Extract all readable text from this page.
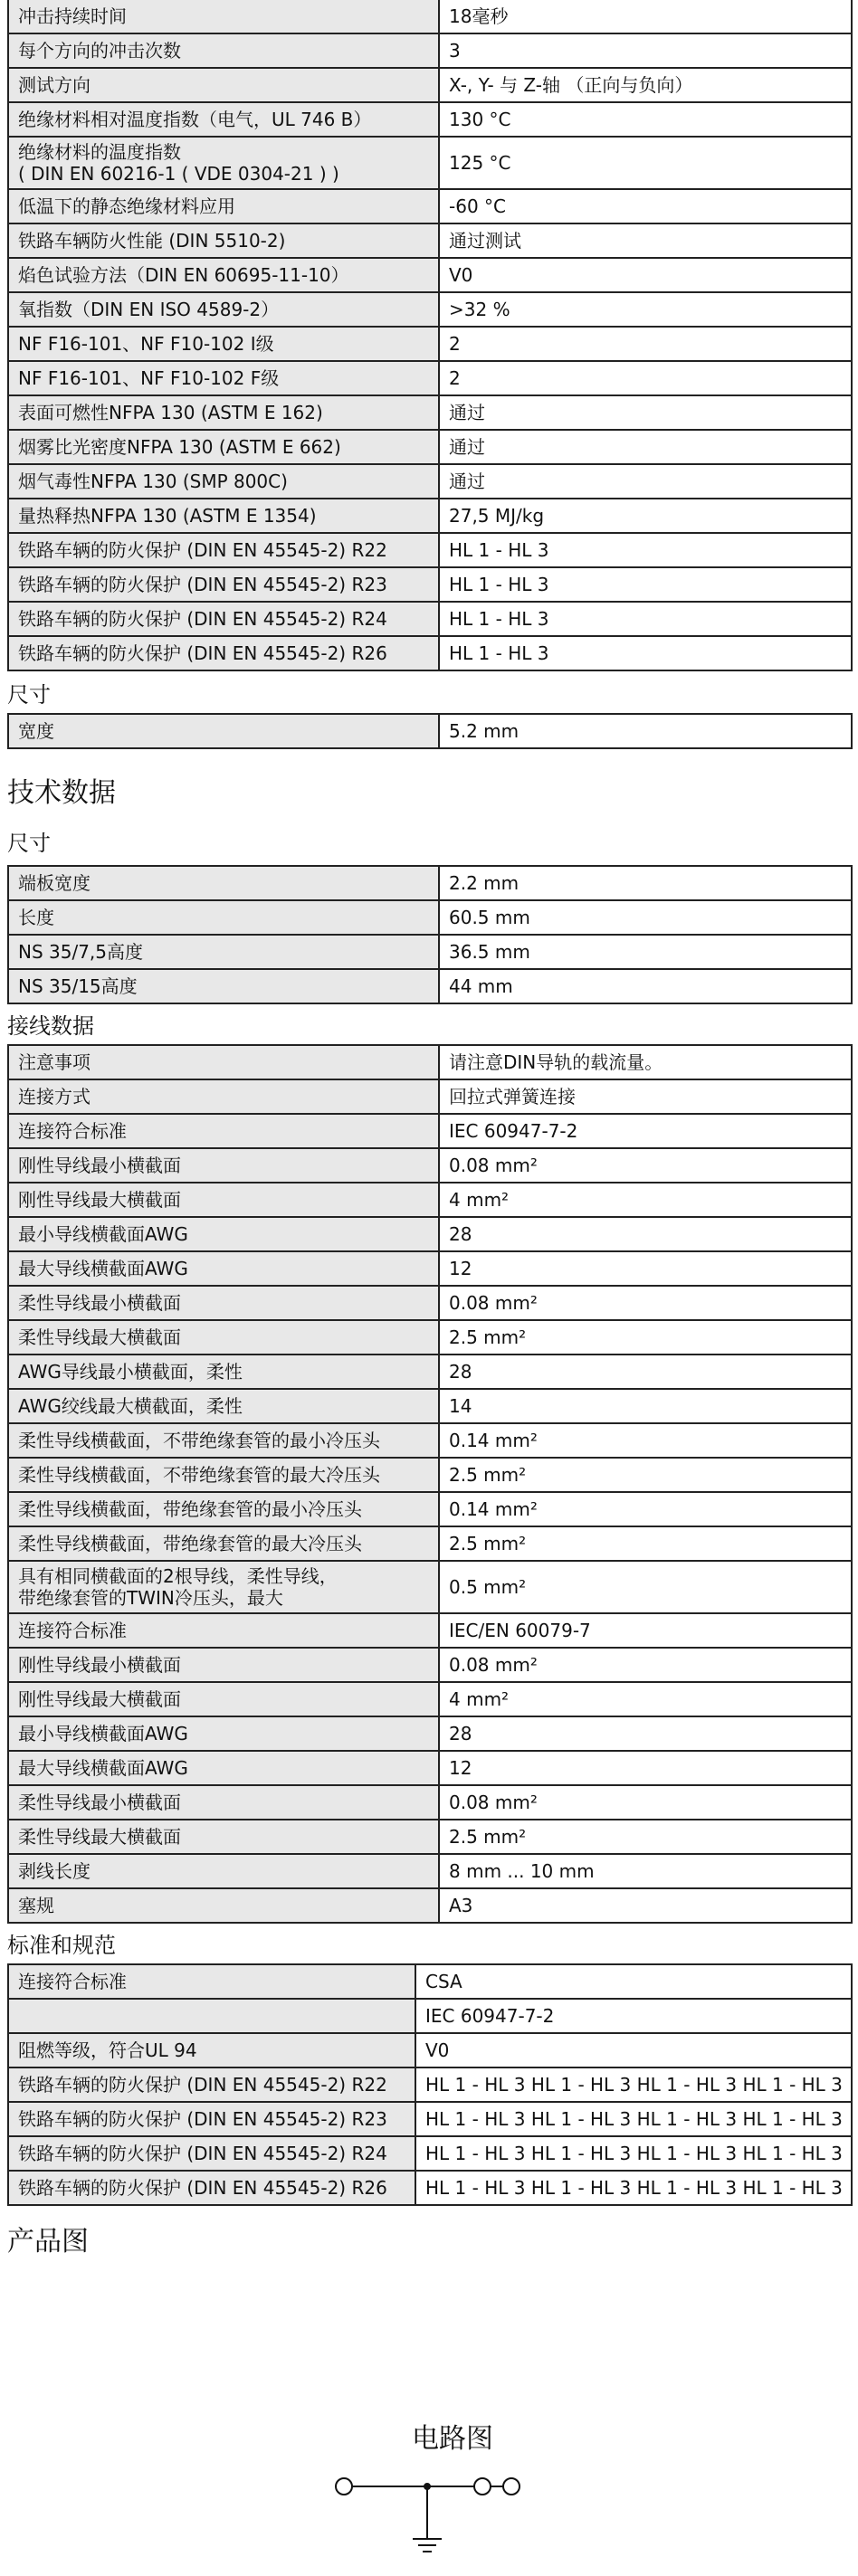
冲击持续时间	18毫秒
每个方向的冲击次数	3
测试方向	X-, Y- 与 Z-轴 （正向与负向）
绝缘材料相对温度指数（电气，UL 746 B）	130 °C

绝缘材料的温度指数
( DIN EN 60216-1 ( VDE 0304-21 ) )	125 °C
低温下的静态绝缘材料应用	-60 °C
铁路车辆防火性能 (DIN 5510-2)	通过测试
焰色试验方法（DIN EN 60695-11-10）	V0
氧指数（DIN EN ISO 4589-2）	>32 %
NF F16-101、NF F10-102 I级	2
NF F16-101、NF F10-102 F级	2
表面可燃性NFPA 130 (ASTM E 162)	通过
烟雾比光密度NFPA 130 (ASTM E 662)	通过
烟气毒性NFPA 130 (SMP 800C)	通过
量热释热NFPA 130 (ASTM E 1354)	27,5 MJ/kg
铁路车辆的防火保护 (DIN EN 45545-2) R22	HL 1 - HL 3
铁路车辆的防火保护 (DIN EN 45545-2) R23	HL 1 - HL 3
铁路车辆的防火保护 (DIN EN 45545-2) R24	HL 1 - HL 3
铁路车辆的防火保护 (DIN EN 45545-2) R26	HL 1 - HL 3
尺寸
宽度	5.2 mm
技术数据
尺寸
端板宽度	2.2 mm
长度	60.5 mm
NS 35/7,5高度	36.5 mm
NS 35/15高度	44 mm
接线数据
注意事项	请注意DIN导轨的载流量。
连接方式	回拉式弹簧连接
连接符合标准	IEC 60947-7-2
刚性导线最小横截面	0.08 mm²
刚性导线最大横截面	4 mm²
最小导线横截面AWG	28
最大导线横截面AWG	12
柔性导线最小横截面	0.08 mm²
柔性导线最大横截面	2.5 mm²
AWG导线最小横截面，柔性	28
AWG绞线最大横截面，柔性	14
柔性导线横截面，不带绝缘套管的最小冷压头	0.14 mm²
柔性导线横截面，不带绝缘套管的最大冷压头	2.5 mm²
柔性导线横截面，带绝缘套管的最小冷压头	0.14 mm²
柔性导线横截面，带绝缘套管的最大冷压头	2.5 mm²

具有相同横截面的2根导线，柔性导线，
带绝缘套管的TWIN冷压头，最大	0.5 mm²
连接符合标准	IEC/EN 60079-7
刚性导线最小横截面	0.08 mm²
刚性导线最大横截面	4 mm²
最小导线横截面AWG	28
最大导线横截面AWG	12
柔性导线最小横截面	0.08 mm²
柔性导线最大横截面	2.5 mm²
剥线长度	8 mm ... 10 mm
塞规	A3
标准和规范
连接符合标准	CSA
	IEC 60947-7-2
阻燃等级，符合UL 94	V0
铁路车辆的防火保护 (DIN EN 45545-2) R22	HL 1 - HL 3 HL 1 - HL 3 HL 1 - HL 3 HL 1 - HL 3
铁路车辆的防火保护 (DIN EN 45545-2) R23	HL 1 - HL 3 HL 1 - HL 3 HL 1 - HL 3 HL 1 - HL 3
铁路车辆的防火保护 (DIN EN 45545-2) R24	HL 1 - HL 3 HL 1 - HL 3 HL 1 - HL 3 HL 1 - HL 3
铁路车辆的防火保护 (DIN EN 45545-2) R26	HL 1 - HL 3 HL 1 - HL 3 HL 1 - HL 3 HL 1 - HL 3
产品图
电路图
